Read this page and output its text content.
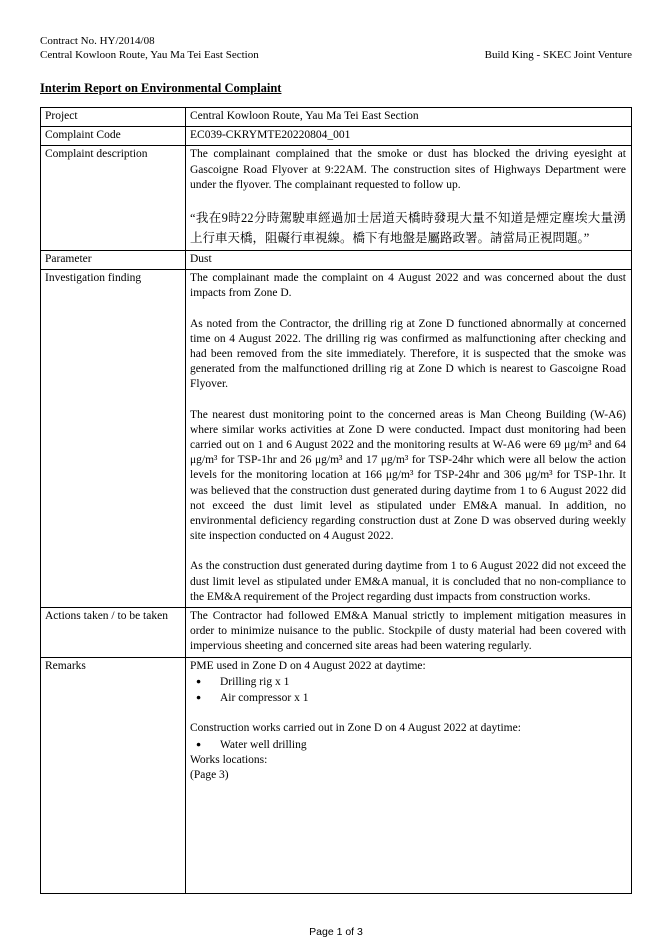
Contract No. HY/2014/08
Central Kowloon Route, Yau Ma Tei East Section	Build King - SKEC Joint Venture
Interim Report on Environmental Complaint
Project	Central Kowloon Route, Yau Ma Tei East Section

Complaint Code	EC039-CKRYMTE20220804_001

Complaint description	The complainant complained that the smoke or dust has blocked the driving eyesight at Gascoigne Road Flyover at 9:22AM. The construction sites of Highways Department were under the flyover. The complainant requested to follow up.
“我在9時22分時駕駛車經過加士居道天橋時發現大量不知道是煙定塵埃大量湧上行車天橋，阻礙行車視線。橋下有地盤是屬路政署。請當局正視問題。”

Parameter	Dust

Investigation finding	The complainant made the complaint on 4 August 2022 and was concerned about the dust impacts from Zone D.
As noted from the Contractor, the drilling rig at Zone D functioned abnormally at concerned time on 4 August 2022. The drilling rig was confirmed as malfunctioning after checking and had been removed from the site immediately. Therefore, it is suspected that the smoke was generated from the malfunctioned drilling rig at Zone D which is nearest to Gascoigne Road Flyover.
The nearest dust monitoring point to the concerned areas is Man Cheong Building (W-A6) where similar works activities at Zone D were conducted. Impact dust monitoring had been carried out on 1 and 6 August 2022 and the monitoring results at W-A6 were 69 μg/m³ and 64 μg/m³ for TSP-1hr and 26 μg/m³ and 17 μg/m³ for TSP-24hr which were all below the action levels for the monitoring location at 166 μg/m³ for TSP-24hr and 306 μg/m³ for TSP-1hr. It was believed that the construction dust generated during daytime from 1 to 6 August 2022 did not exceed the dust limit level as stipulated under EM&A manual. In addition, no environmental deficiency regarding construction dust at Zone D was observed during weekly site inspection conducted on 4 August 2022.
As the construction dust generated during daytime from 1 to 6 August 2022 did not exceed the dust limit level as stipulated under EM&A manual, it is concluded that no non-compliance to the EM&A requirement of the Project regarding dust impacts from construction works.

Actions taken / to be taken	The Contractor had followed EM&A Manual strictly to implement mitigation measures in order to minimize nuisance to the public. Stockpile of dusty material had been covered with impervious sheeting and concerned site areas had been watering regularly.

Remarks	PME used in Zone D on 4 August 2022 at daytime:
● Drilling rig x 1
● Air compressor x 1
Construction works carried out in Zone D on 4 August 2022 at daytime:
● Water well drilling
Works locations:
(Page 3)
Page 1 of 3
